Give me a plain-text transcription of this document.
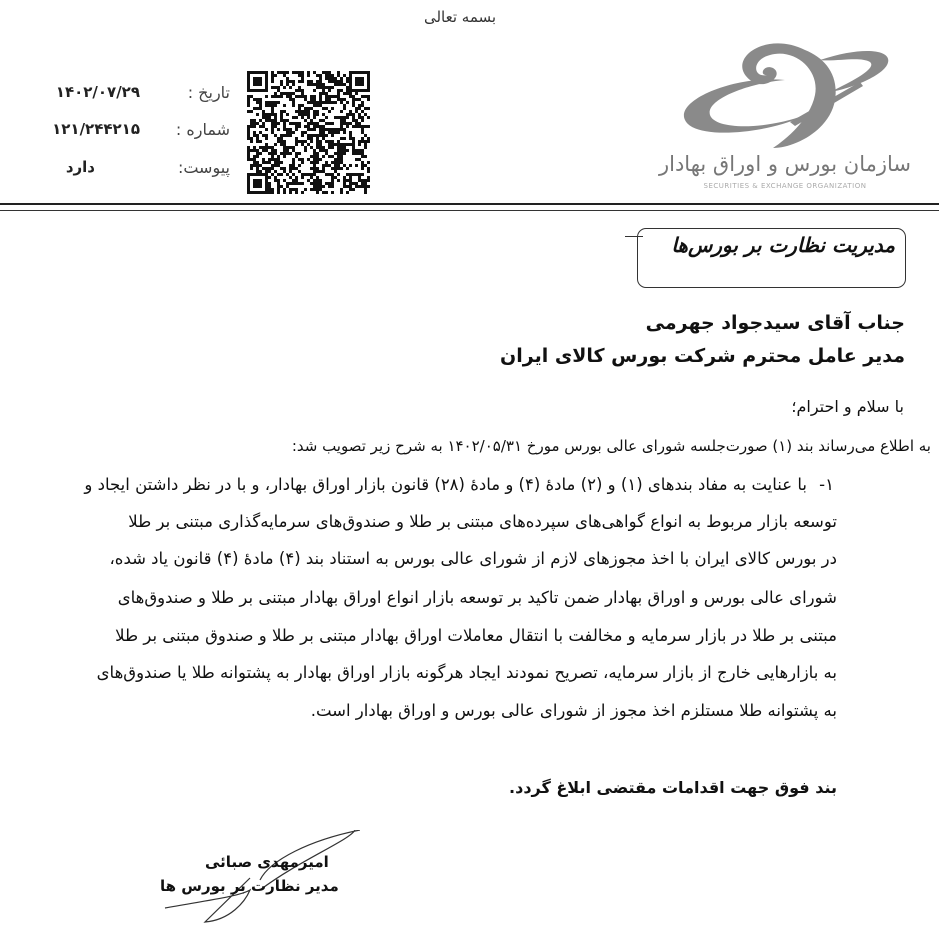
بسمه تعالی
تاریخ :
۱۴۰۲/۰۷/۲۹
شماره :
۱۲۱/۲۴۴۲۱۵
پیوست:
دارد	سازمان بورس و اوراق بهادار
SECURITIES & EXCHANGE ORGANIZATION
مدیریت نظارت بر بورس‌ها
جناب آقای سیدجواد جهرمی
مدیر عامل محترم شرکت بورس کالای ایران
با سلام و احترام؛
به اطلاع می‌رساند بند (۱) صورت‌جلسه شورای عالی بورس مورخ ۱۴۰۲/۰۵/۳۱ به شرح زیر تصویب شد:
۱-
با عنایت به مفاد بندهای (۱) و (۲) مادهٔ (۴) و مادهٔ (۲۸) قانون بازار اوراق بهادار، و با در نظر داشتن ایجاد و
توسعه بازار مربوط به انواع گواهی‌های سپرده‌های مبتنی بر طلا و صندوق‌های سرمایه‌گذاری مبتنی بر طلا
در بورس کالای ایران با اخذ مجوزهای لازم از شورای عالی بورس به استناد بند (۴) مادهٔ (۴) قانون یاد شده،
شورای عالی بورس و اوراق بهادار ضمن تاکید بر توسعه بازار انواع اوراق بهادار مبتنی بر طلا و صندوق‌های
مبتنی بر طلا در بازار سرمایه و مخالفت با انتقال معاملات اوراق بهادار مبتنی بر طلا و صندوق مبتنی بر طلا
به بازارهایی خارج از بازار سرمایه، تصریح نمودند ایجاد هرگونه بازار اوراق بهادار به پشتوانه طلا یا صندوق‌های
به پشتوانه طلا مستلزم اخذ مجوز از شورای عالی بورس و اوراق بهادار است.
بند فوق جهت اقدامات مقتضی ابلاغ گردد.
امیرمهدی صبائی
مدیر نظارت بر بورس ها
